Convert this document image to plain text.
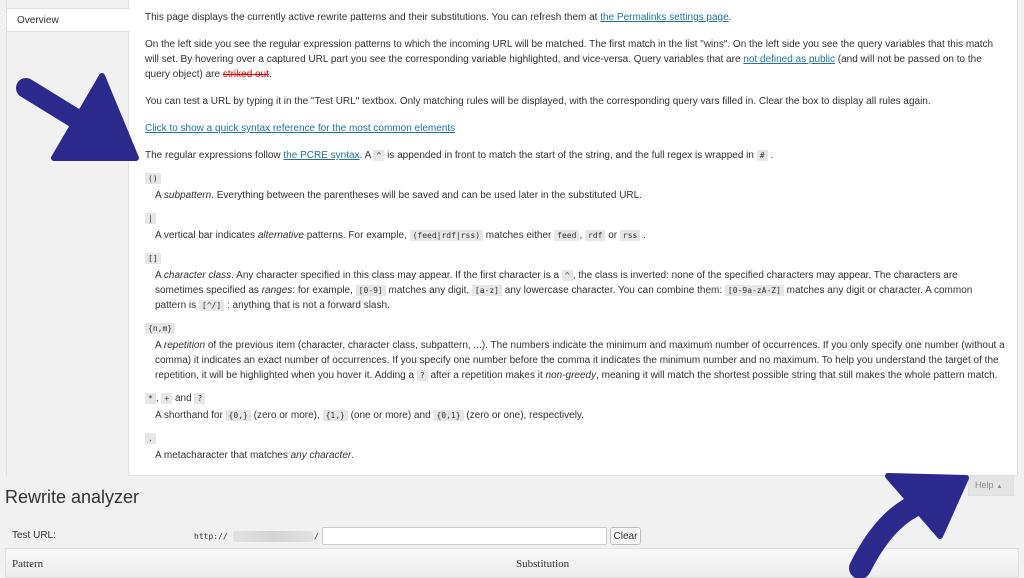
Overview	This page displays the currently active rewrite patterns and their substitutions. You can refresh them at the Permalinks settings page.

On the left side you see the regular expression patterns to which the incoming URL will be matched. The first match in the list "wins". On the left side you see the query variables that this match will set. By hovering over a captured URL part you see the corresponding variable highlighted, and vice-versa. Query variables that are not defined as public (and will not be passed on to the query object) are striked out.

You can test a URL by typing it in the "Test URL" textbox. Only matching rules will be displayed, with the corresponding query vars filled in. Clear the box to display all rules again.

Click to show a quick syntax reference for the most common elements

The regular expressions follow the PCRE syntax. A ^ is appended in front to match the start of the string, and the full regex is wrapped in # .

()
A subpattern. Everything between the parentheses will be saved and can be used later in the substituted URL.
|
A vertical bar indicates alternative patterns. For example, (feed|rdf|rss) matches either feed , rdf or rss .
[]
A character class. Any character specified in this class may appear. If the first character is a ^ , the class is inverted: none of the specified characters may appear. The characters are sometimes specified as ranges: for example, [0-9] matches any digit, [a-z] any lowercase character. You can combine them: [0-9a-zA-Z] matches any digit or character. A common pattern is [^/] : anything that is not a forward slash.
{n,m}
A repetition of the previous item (character, character class, subpattern, ...). The numbers indicate the minimum and maximum number of occurrences. If you only specify one number (without a comma) it indicates an exact number of occurrences. If you specify one number before the comma it indicates the minimum number and no maximum. To help you understand the target of the repetition, it will be highlighted when you hover it. Adding a ? after a repetition makes it non-greedy, meaning it will match the shortest possible string that still makes the whole pattern match.
* , + and ?
A shorthand for {0,} (zero or more), {1,} (one or more) and {0,1} (zero or one), respectively.
.
A metacharacter that matches any character.
Help ▲
Rewrite analyzer
Test URL:	http://	/	Clear
Pattern	Substitution
